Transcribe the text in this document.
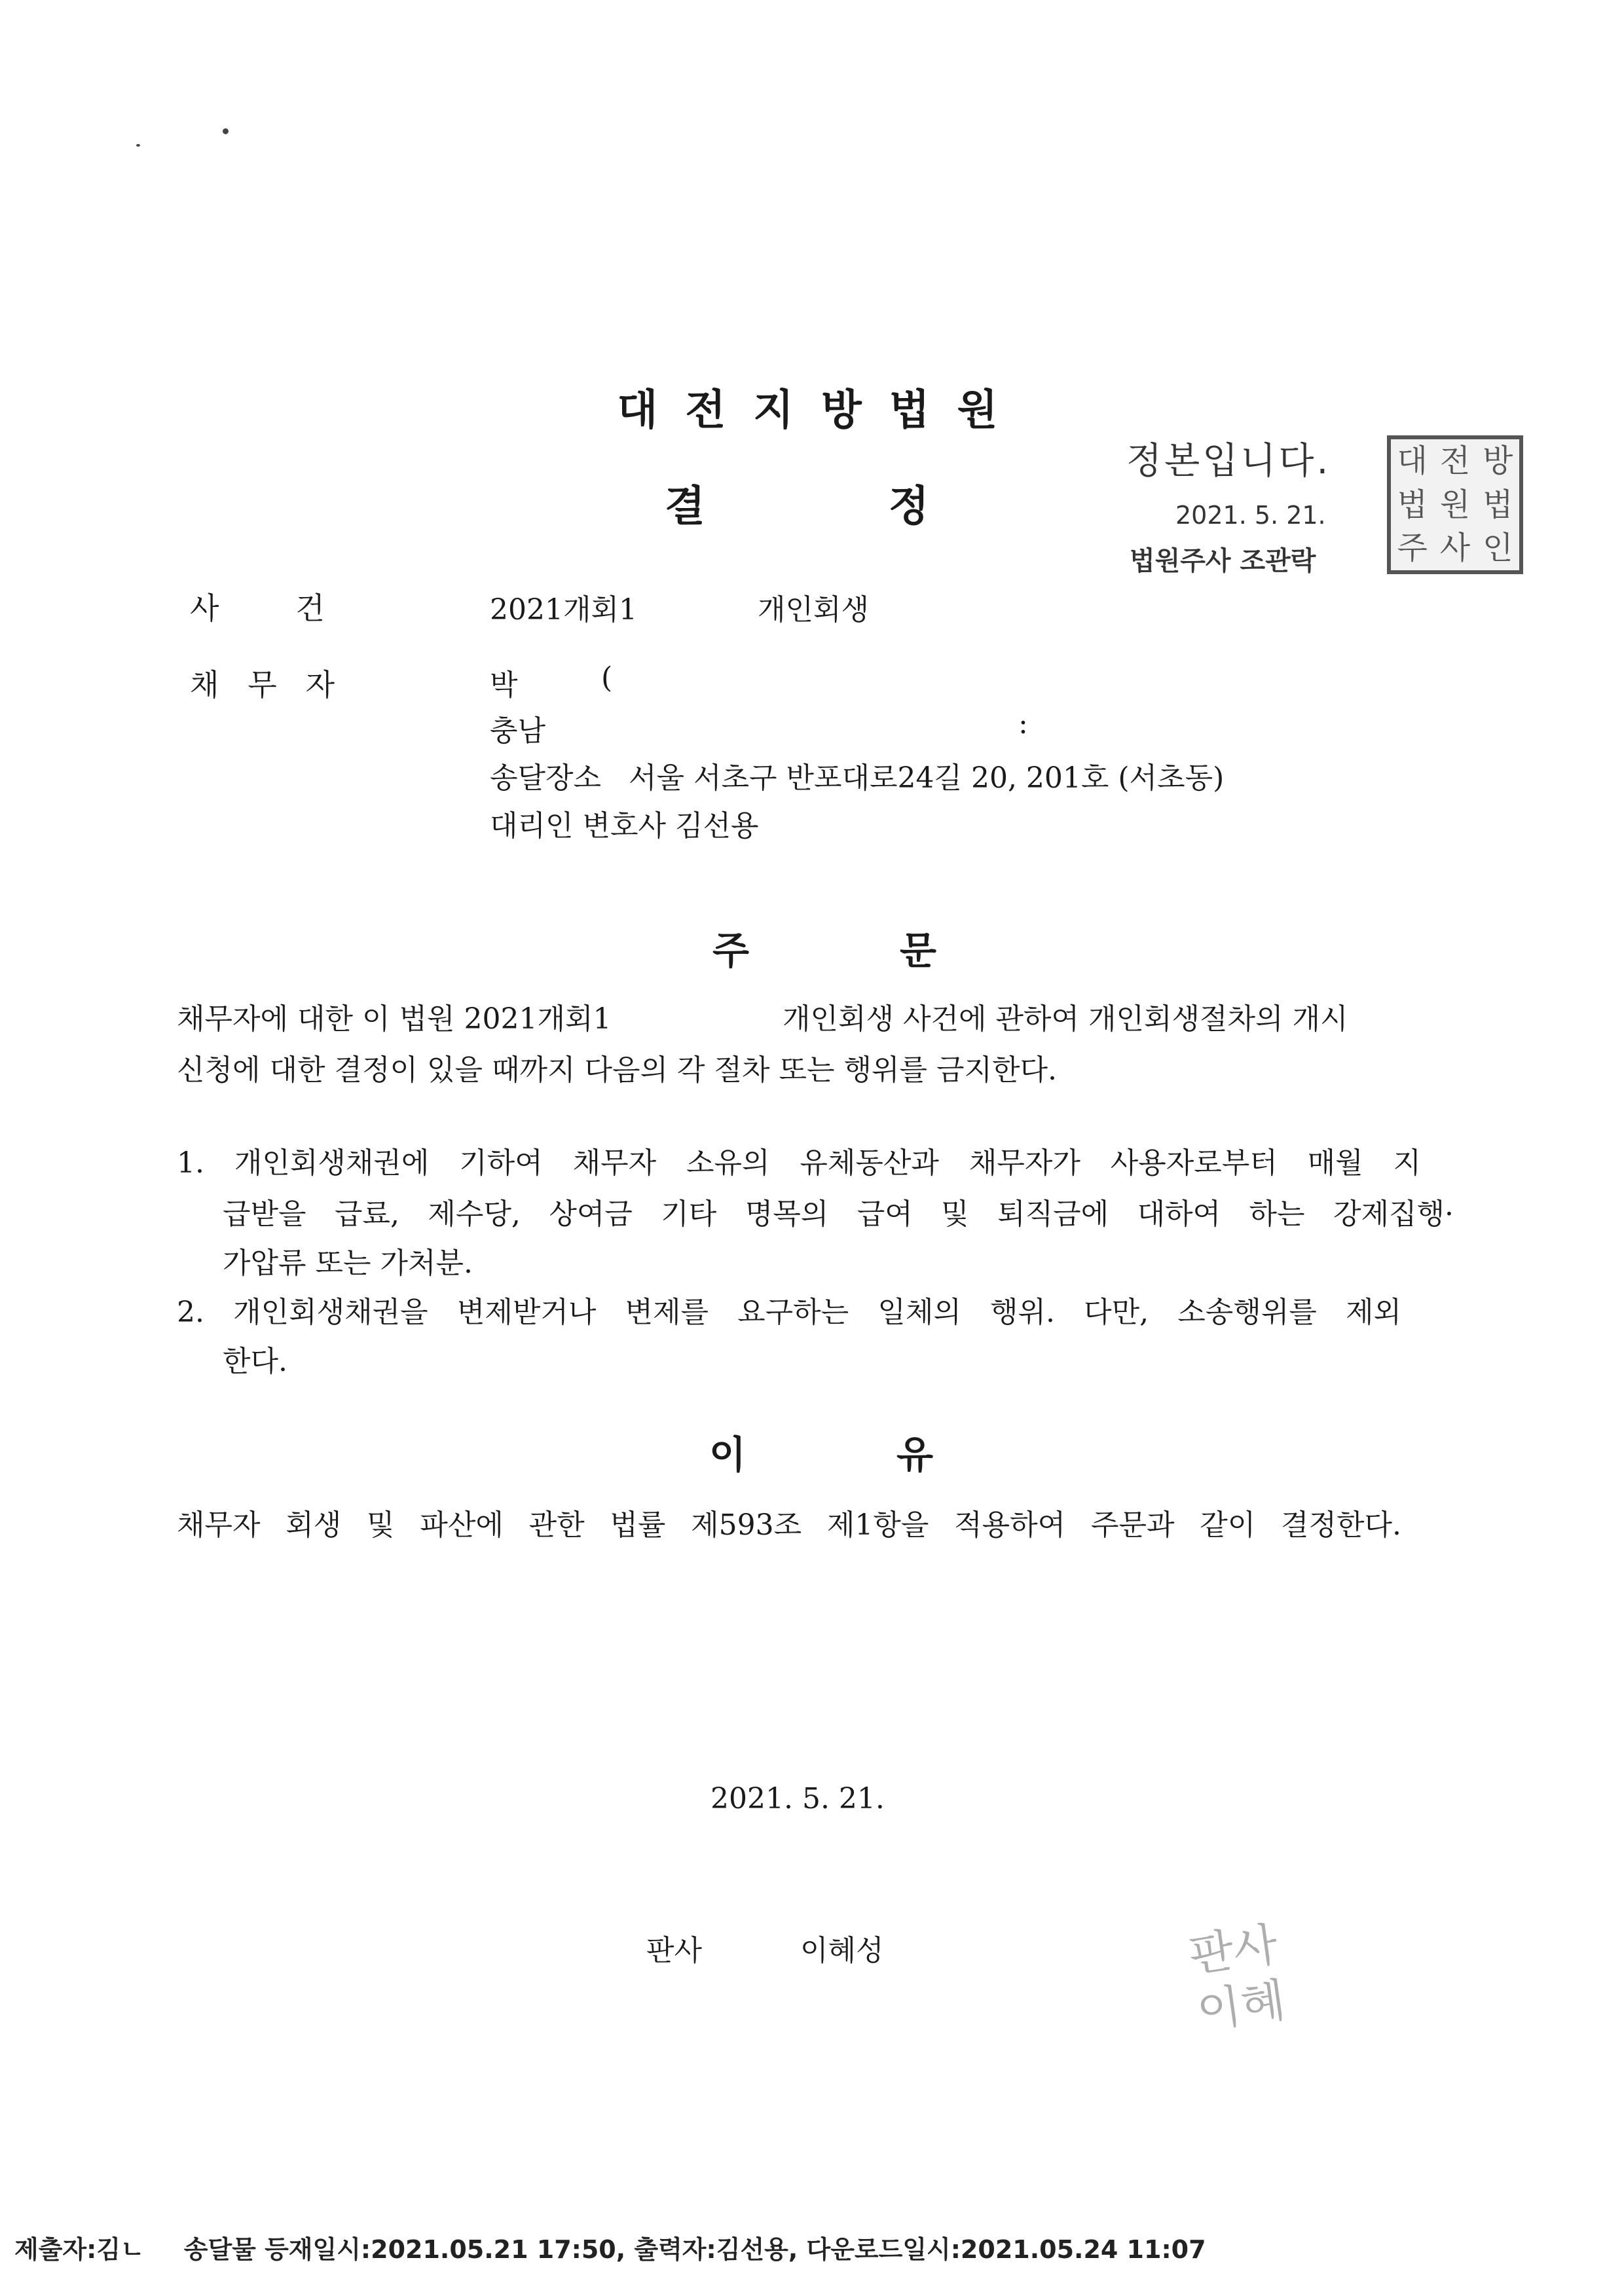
대전지방법원
결	정
정본입니다.
2021. 5. 21.
법원주사 조관락
대 전 방
법 원 법
주 사 인
사        건	2021개회1	개인회생
채   무   자	박	(
충남	:
송달장소   서울 서초구 반포대로24길 20, 201호 (서초동)
대리인 변호사 김선용
주	문
채무자에 대한 이 법원 2021개회1	개인회생 사건에 관하여 개인회생절차의 개시
신청에 대한 결정이 있을 때까지 다음의 각 절차 또는 행위를 금지한다.
1. 개인회생채권에 기하여 채무자 소유의 유체동산과 채무자가 사용자로부터 매월 지
급받을 급료, 제수당, 상여금 기타 명목의 급여 및 퇴직금에 대하여 하는 강제집행·
가압류 또는 가처분.
2. 개인회생채권을 변제받거나 변제를 요구하는 일체의 행위. 다만, 소송행위를 제외
한다.
이	유
채무자 회생 및 파산에 관한 법률 제593조 제1항을 적용하여 주문과 같이 결정한다.
2021. 5. 21.
판사	이혜성	판사
이혜
제출자:김ㄴ 송달물 등재일시:2021.05.21 17:50, 출력자:김선용, 다운로드일시:2021.05.24 11:07
